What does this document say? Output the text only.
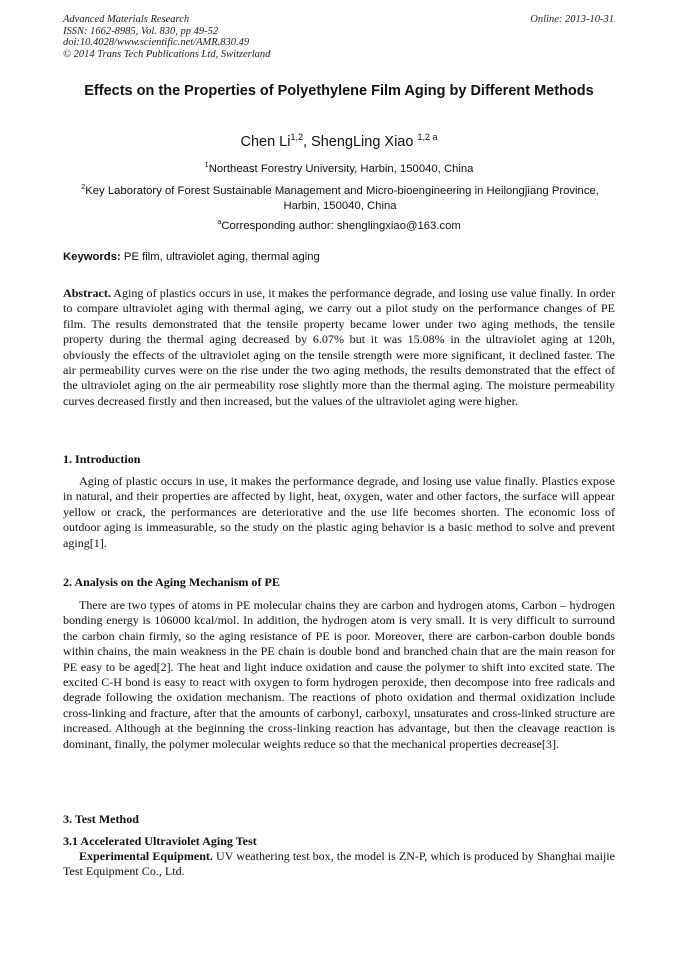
Advanced Materials Research
ISSN: 1662-8985, Vol. 830, pp 49-52
doi:10.4028/www.scientific.net/AMR.830.49
© 2014 Trans Tech Publications Ltd, Switzerland
Online: 2013-10-31
Effects on the Properties of Polyethylene Film Aging by Different Methods
Chen Li$^{1,2}$, ShengLing Xiao $^{1,2 a}$
$^1$Northeast Forestry University, Harbin, 150040, China
$^2$Key Laboratory of Forest Sustainable Management and Micro-bioengineering in Heilongjiang Province, Harbin, 150040, China
$^a$Corresponding author: shenglingxiao@163.com
Keywords: PE film, ultraviolet aging, thermal aging
Abstract. Aging of plastics occurs in use, it makes the performance degrade, and losing use value finally. In order to compare ultraviolet aging with thermal aging, we carry out a pilot study on the performance changes of PE film. The results demonstrated that the tensile property became lower under two aging methods, the tensile property during the thermal aging decreased by 6.07% but it was 15.08% in the ultraviolet aging at 120h, obviously the effects of the ultraviolet aging on the tensile strength were more significant, it declined faster. The air permeability curves were on the rise under the two aging methods, the results demonstrated that the effect of the ultraviolet aging on the air permeability rose slightly more than the thermal aging. The moisture permeability curves decreased firstly and then increased, but the values of the ultraviolet aging were higher.
1. Introduction
Aging of plastic occurs in use, it makes the performance degrade, and losing use value finally. Plastics expose in natural, and their properties are affected by light, heat, oxygen, water and other factors, the surface will appear yellow or crack, the performances are deteriorative and the use life becomes shorten. The economic loss of outdoor aging is immeasurable, so the study on the plastic aging behavior is a basic method to solve and prevent aging[1].
2. Analysis on the Aging Mechanism of PE
There are two types of atoms in PE molecular chains they are carbon and hydrogen atoms, Carbon – hydrogen bonding energy is 106000 kcal/mol. In addition, the hydrogen atom is very small. It is very difficult to surround the carbon chain firmly, so the aging resistance of PE is poor. Moreover, there are carbon-carbon double bonds within chains, the main weakness in the PE chain is double bond and branched chain that are the main reason for PE easy to be aged[2]. The heat and light induce oxidation and cause the polymer to shift into excited state. The excited C-H bond is easy to react with oxygen to form hydrogen peroxide, then decompose into free radicals and degrade following the oxidation mechanism. The reactions of photo oxidation and thermal oxidization include cross-linking and fracture, after that the amounts of carbonyl, carboxyl, unsaturates and cross-linked structure are increased. Although at the beginning the cross-linking reaction has advantage, but then the cleavage reaction is dominant, finally, the polymer molecular weights reduce so that the mechanical properties decrease[3].
3. Test Method
3.1 Accelerated Ultraviolet Aging Test
Experimental Equipment. UV weathering test box, the model is ZN-P, which is produced by Shanghai maijie Test Equipment Co., Ltd.
